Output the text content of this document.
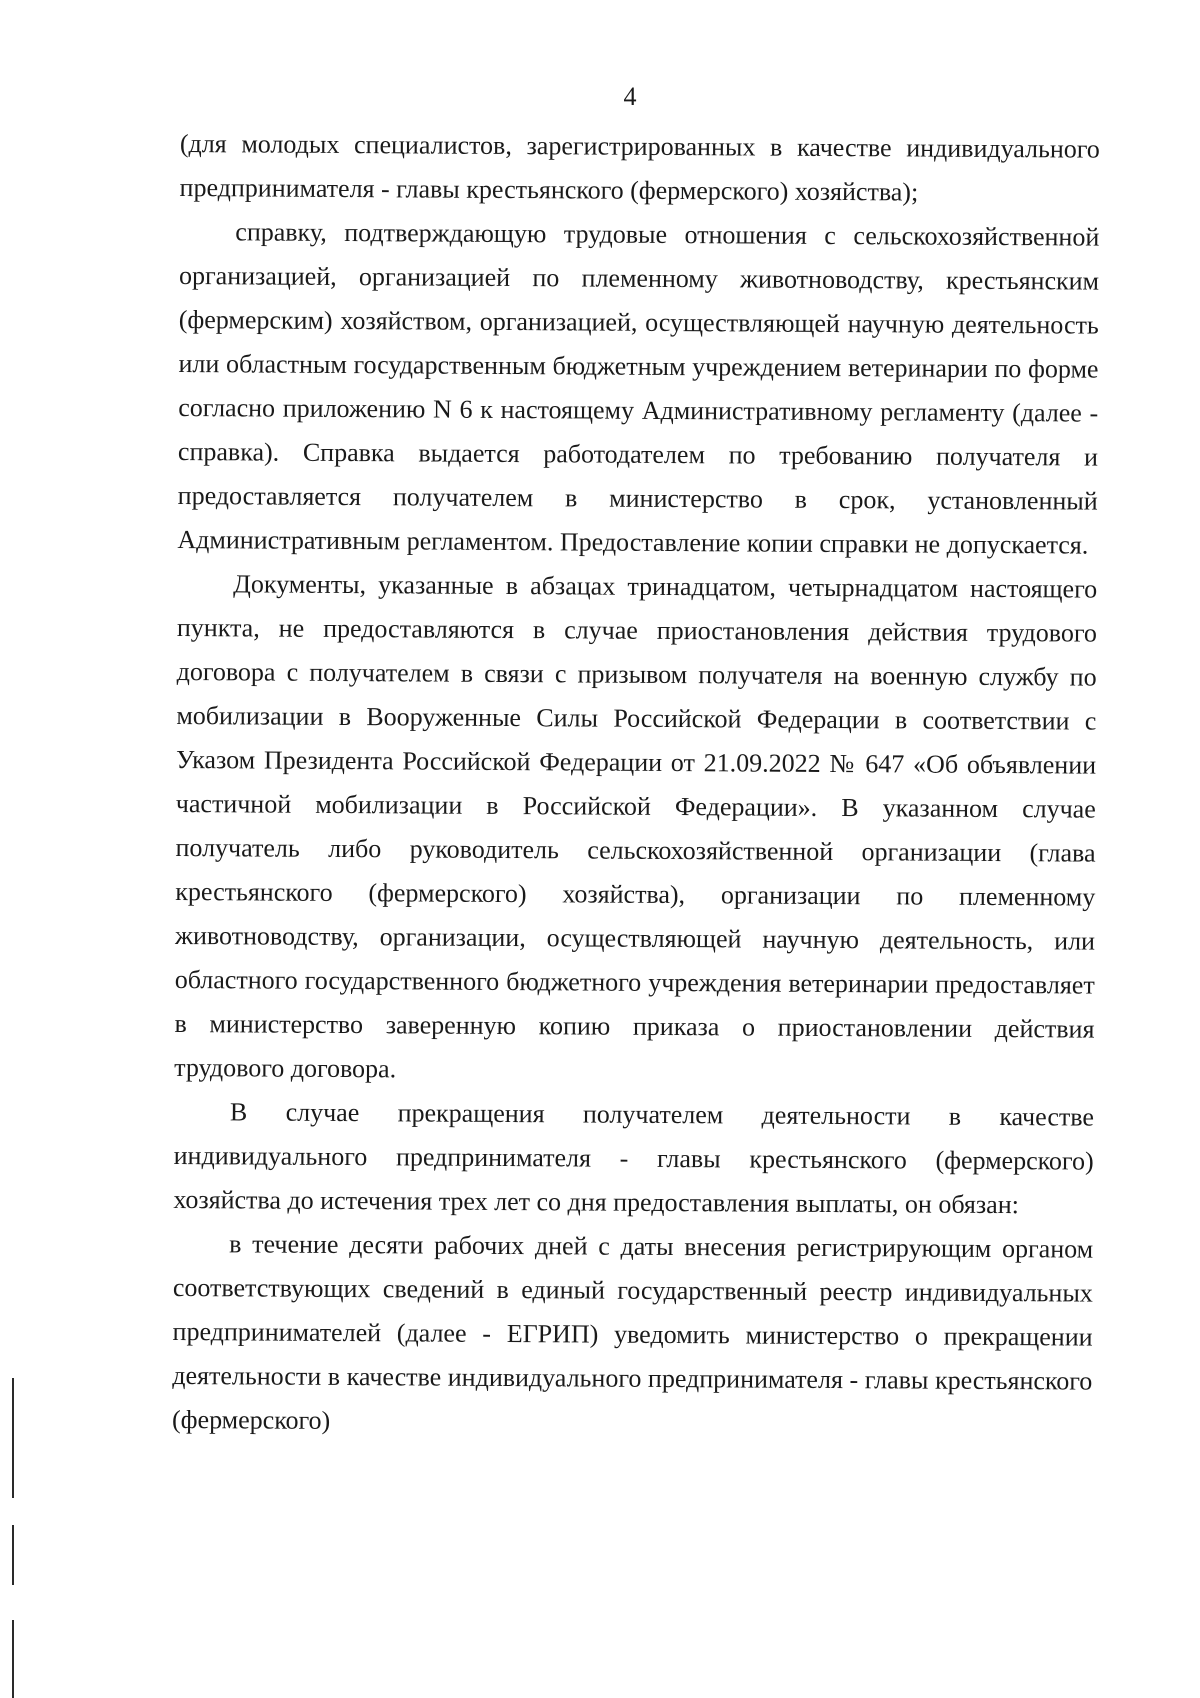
4

(для молодых специалистов, зарегистрированных в качестве индивидуального предпринимателя - главы крестьянского (фермерского) хозяйства);

справку, подтверждающую трудовые отношения с сельскохозяйственной организацией, организацией по племенному животноводству, крестьянским (фермерским) хозяйством, организацией, осуществляющей научную деятельность или областным государственным бюджетным учреждением ветеринарии по форме согласно приложению N 6 к настоящему Административному регламенту (далее - справка). Справка выдается работодателем по требованию получателя и предоставляется получателем в министерство в срок, установленный Административным регламентом. Предоставление копии справки не допускается.

Документы, указанные в абзацах тринадцатом, четырнадцатом настоящего пункта, не предоставляются в случае приостановления действия трудового договора с получателем в связи с призывом получателя на военную службу по мобилизации в Вооруженные Силы Российской Федерации в соответствии с Указом Президента Российской Федерации от 21.09.2022 № 647 «Об объявлении частичной мобилизации в Российской Федерации». В указанном случае получатель либо руководитель сельскохозяйственной организации (глава крестьянского (фермерского) хозяйства), организации по племенному животноводству, организации, осуществляющей научную деятельность, или областного государственного бюджетного учреждения ветеринарии предоставляет в министерство заверенную копию приказа о приостановлении действия трудового договора.

В случае прекращения получателем деятельности в качестве индивидуального предпринимателя - главы крестьянского (фермерского) хозяйства до истечения трех лет со дня предоставления выплаты, он обязан:

в течение десяти рабочих дней с даты внесения регистрирующим органом соответствующих сведений в единый государственный реестр индивидуальных предпринимателей (далее - ЕГРИП) уведомить министерство о прекращении деятельности в качестве индивидуального предпринимателя - главы крестьянского (фермерского)
